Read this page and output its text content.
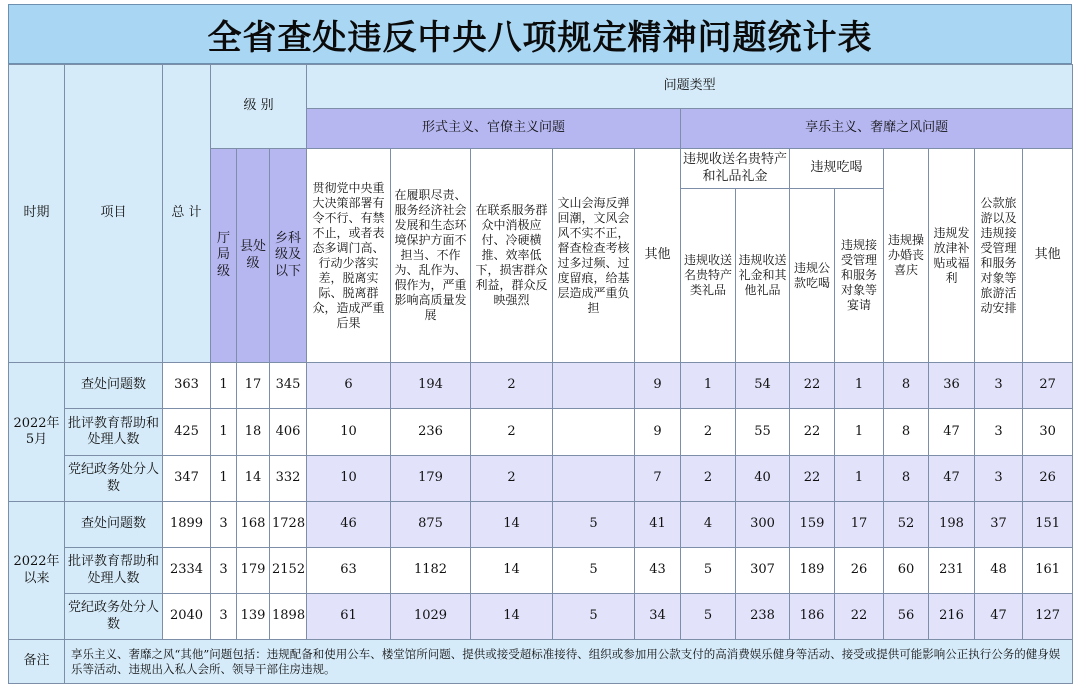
全省查处违反中央八项规定精神问题统计表
时期	项目	总 计	级 别			问题类型												
						形式主义、官僚主义问题					享乐主义、奢靡之风问题							
			厅局级	县处级	乡科级及以下	贯彻党中央重大决策部署有令不行、有禁不止，或者表态多调门高、行动少落实差，脱离实际、脱离群众，造成严重后果	在履职尽责、服务经济社会发展和生态环境保护方面不担当、不作为、乱作为、假作为，严重影响高质量发展	在联系服务群众中消极应付、冷硬横推、效率低下，损害群众利益，群众反映强烈	文山会海反弹回潮，文风会风不实不正，督查检查考核过多过频、过度留痕，给基层造成严重负担	其他	违规收送名贵特产和礼品礼金		违规吃喝		违规操办婚丧喜庆	违规发放津补贴或福利	公款旅游以及违规接受管理和服务对象等旅游活动安排	其他
											违规收送名贵特产类礼品	违规收送礼金和其他礼品	违规公款吃喝	违规接受管理和服务对象等宴请				
2022年5月	查处问题数	363	1	17	345	6	194	2		9	1	54	22	1	8	36	3	27
	批评教育帮助和处理人数	425	1	18	406	10	236	2		9	2	55	22	1	8	47	3	30
	党纪政务处分人数	347	1	14	332	10	179	2		7	2	40	22	1	8	47	3	26
2022年以来	查处问题数	1899	3	168	1728	46	875	14	5	41	4	300	159	17	52	198	37	151
	批评教育帮助和处理人数	2334	3	179	2152	63	1182	14	5	43	5	307	189	26	60	231	48	161
	党纪政务处分人数	2040	3	139	1898	61	1029	14	5	34	5	238	186	22	56	216	47	127
备注	享乐主义、奢靡之风“其他”问题包括：违规配备和使用公车、楼堂馆所问题、提供或接受超标准接待、组织或参加用公款支付的高消费娱乐健身等活动、接受或提供可能影响公正执行公务的健身娱乐等活动、违规出入私人会所、领导干部住房违规。																	
